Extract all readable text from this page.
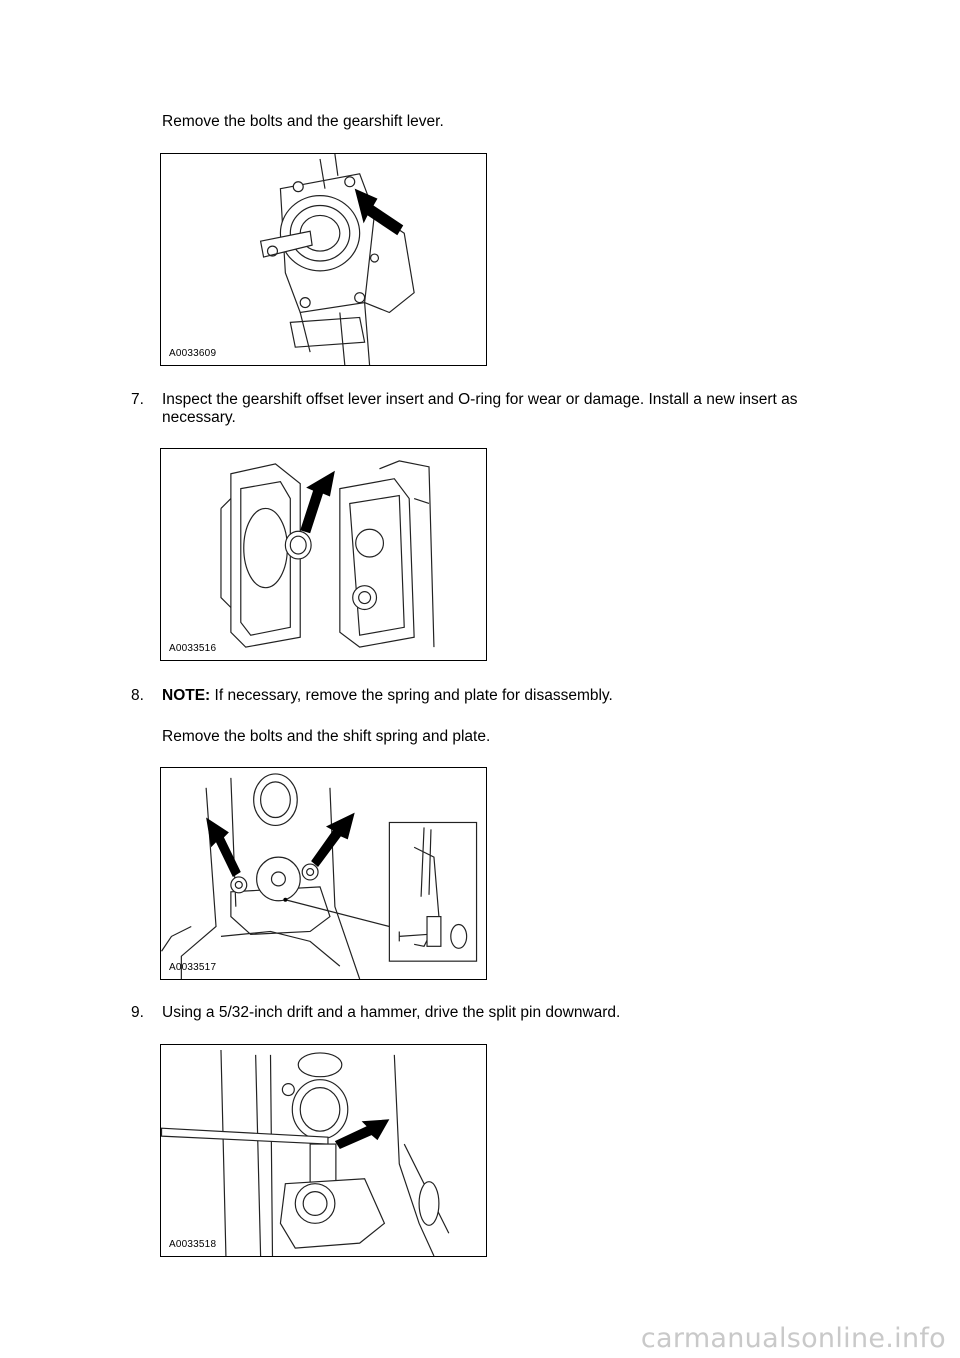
Remove the bolts and the gearshift lever.

A0033609
7. Inspect the gearshift offset lever insert and O-ring for wear or damage. Install a new insert as necessary.

A0033516
8. NOTE: If necessary, remove the spring and plate for disassembly.

Remove the bolts and the shift spring and plate.

A0033517
9. Using a 5/32-inch drift and a hammer, drive the split pin downward.

A0033518
carmanualsonline.info
